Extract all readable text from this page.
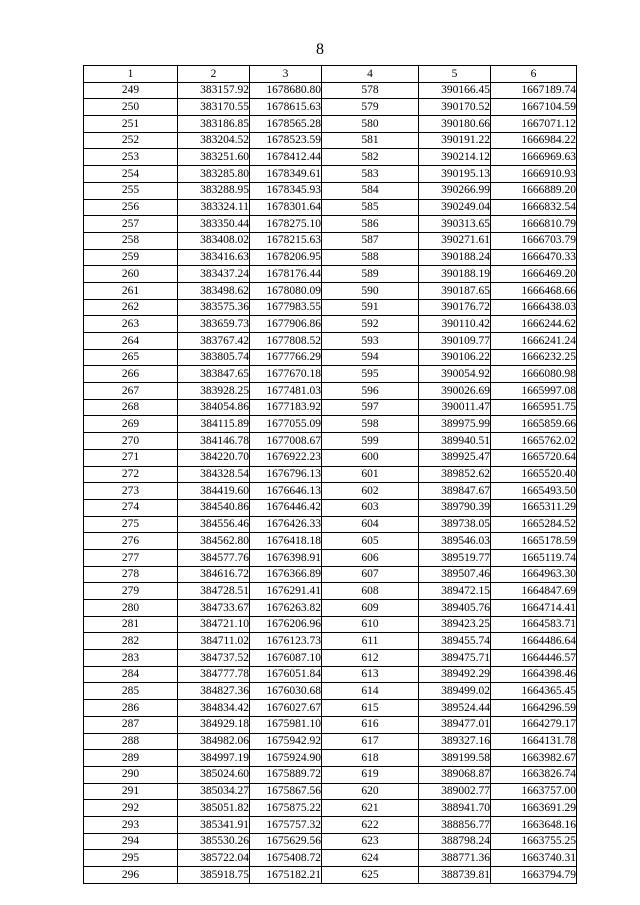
8
1	2	3	4	5	6
249	383157.92	1678680.80	578	390166.45	1667189.74
250	383170.55	1678615.63	579	390170.52	1667104.59
251	383186.85	1678565.28	580	390180.66	1667071.12
252	383204.52	1678523.59	581	390191.22	1666984.22
253	383251.60	1678412.44	582	390214.12	1666969.63
254	383285.80	1678349.61	583	390195.13	1666910.93
255	383288.95	1678345.93	584	390266.99	1666889.20
256	383324.11	1678301.64	585	390249.04	1666832.54
257	383350.44	1678275.10	586	390313.65	1666810.79
258	383408.02	1678215.63	587	390271.61	1666703.79
259	383416.63	1678206.95	588	390188.24	1666470.33
260	383437.24	1678176.44	589	390188.19	1666469.20
261	383498.62	1678080.09	590	390187.65	1666468.66
262	383575.36	1677983.55	591	390176.72	1666438.03
263	383659.73	1677906.86	592	390110.42	1666244.62
264	383767.42	1677808.52	593	390109.77	1666241.24
265	383805.74	1677766.29	594	390106.22	1666232.25
266	383847.65	1677670.18	595	390054.92	1666080.98
267	383928.25	1677481.03	596	390026.69	1665997.08
268	384054.86	1677183.92	597	390011.47	1665951.75
269	384115.89	1677055.09	598	389975.99	1665859.66
270	384146.78	1677008.67	599	389940.51	1665762.02
271	384220.70	1676922.23	600	389925.47	1665720.64
272	384328.54	1676796.13	601	389852.62	1665520.40
273	384419.60	1676646.13	602	389847.67	1665493.50
274	384540.86	1676446.42	603	389790.39	1665311.29
275	384556.46	1676426.33	604	389738.05	1665284.52
276	384562.80	1676418.18	605	389546.03	1665178.59
277	384577.76	1676398.91	606	389519.77	1665119.74
278	384616.72	1676366.89	607	389507.46	1664963.30
279	384728.51	1676291.41	608	389472.15	1664847.69
280	384733.67	1676263.82	609	389405.76	1664714.41
281	384721.10	1676206.96	610	389423.25	1664583.71
282	384711.02	1676123.73	611	389455.74	1664486.64
283	384737.52	1676087.10	612	389475.71	1664446.57
284	384777.78	1676051.84	613	389492.29	1664398.46
285	384827.36	1676030.68	614	389499.02	1664365.45
286	384834.42	1676027.67	615	389524.44	1664296.59
287	384929.18	1675981.10	616	389477.01	1664279.17
288	384982.06	1675942.92	617	389327.16	1664131.78
289	384997.19	1675924.90	618	389199.58	1663982.67
290	385024.60	1675889.72	619	389068.87	1663826.74
291	385034.27	1675867.56	620	389002.77	1663757.00
292	385051.82	1675875.22	621	388941.70	1663691.29
293	385341.91	1675757.32	622	388856.77	1663648.16
294	385530.26	1675629.56	623	388798.24	1663755.25
295	385722.04	1675408.72	624	388771.36	1663740.31
296	385918.75	1675182.21	625	388739.81	1663794.79
